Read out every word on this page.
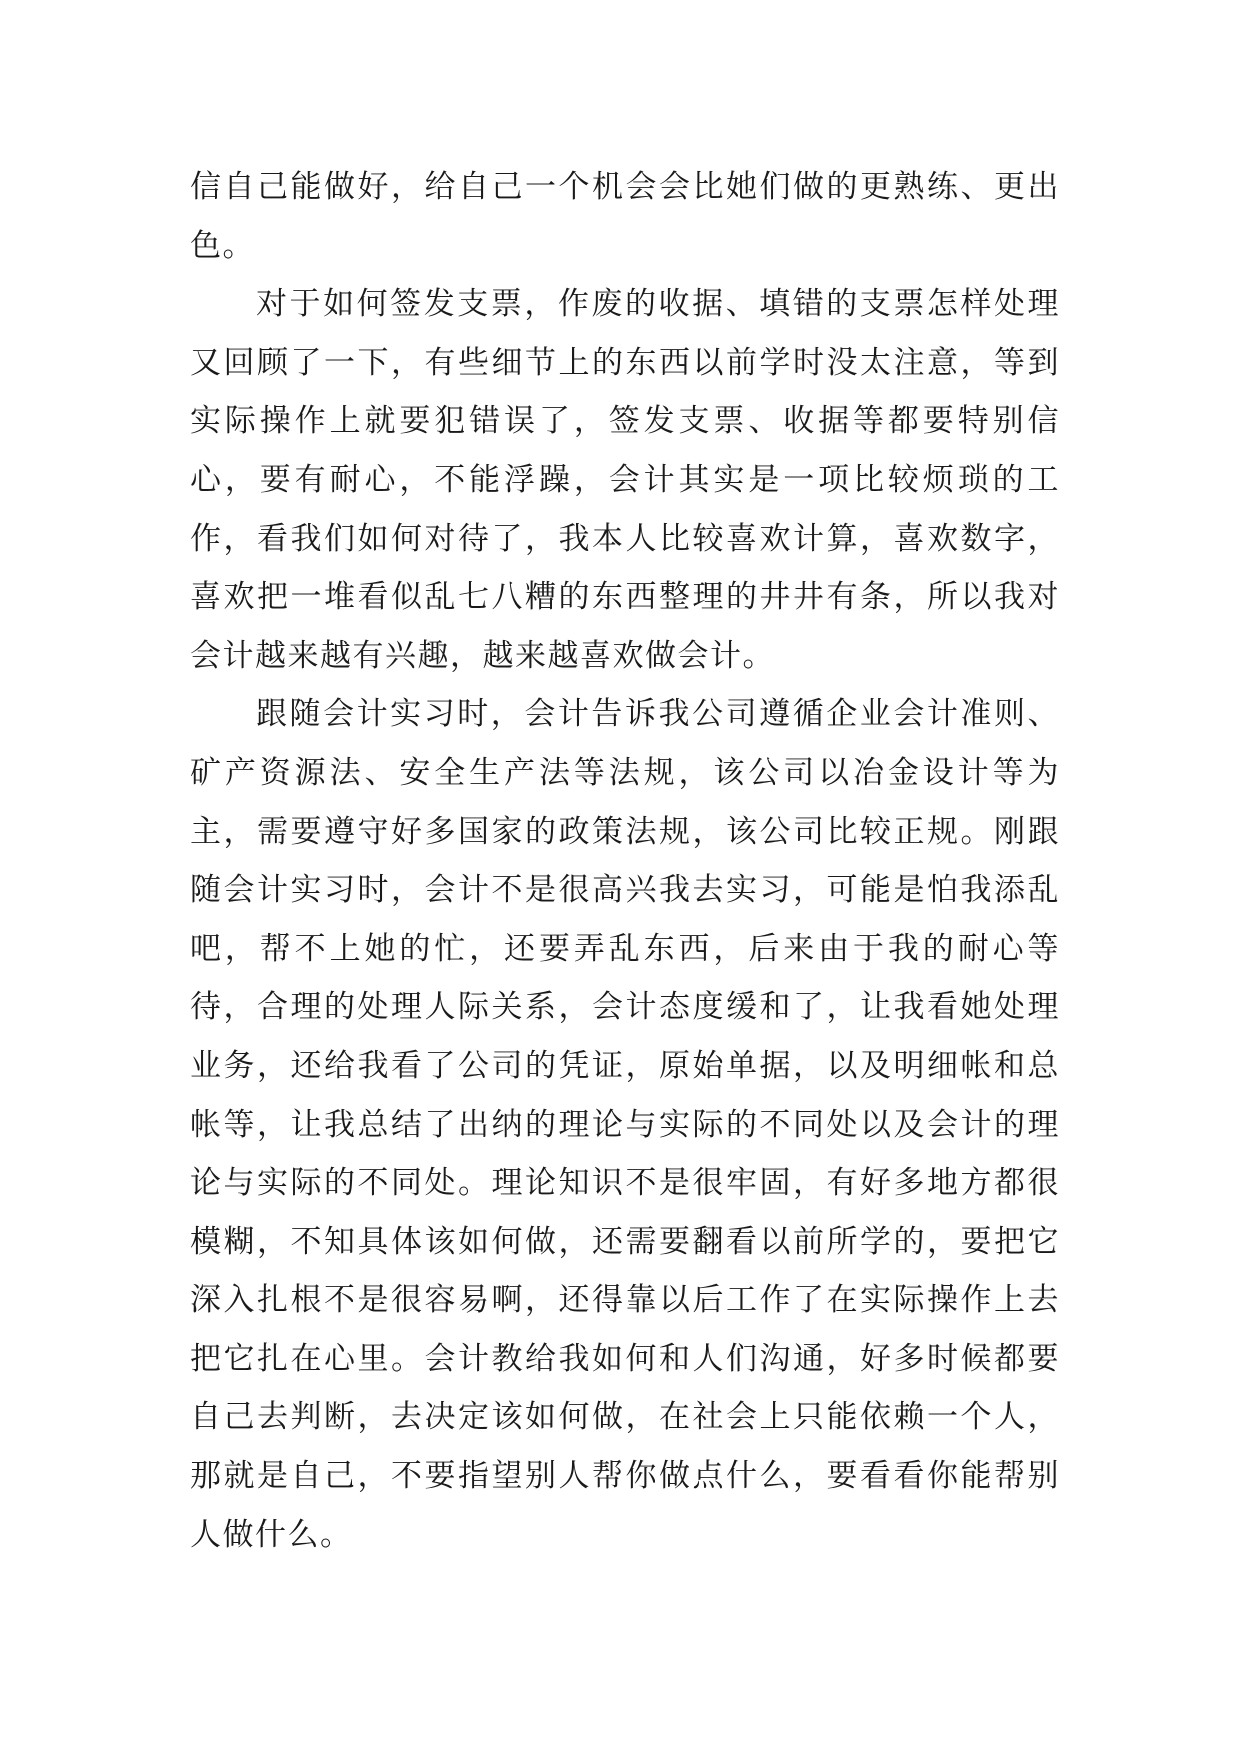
信自己能做好，给自己一个机会会比她们做的更熟练、更出色。

对于如何签发支票，作废的收据、填错的支票怎样处理又回顾了一下，有些细节上的东西以前学时没太注意，等到实际操作上就要犯错误了，签发支票、收据等都要特别信心，要有耐心，不能浮躁，会计其实是一项比较烦琐的工作，看我们如何对待了，我本人比较喜欢计算，喜欢数字，喜欢把一堆看似乱七八糟的东西整理的井井有条，所以我对会计越来越有兴趣，越来越喜欢做会计。

跟随会计实习时，会计告诉我公司遵循企业会计准则、矿产资源法、安全生产法等法规，该公司以冶金设计等为主，需要遵守好多国家的政策法规，该公司比较正规。刚跟随会计实习时，会计不是很高兴我去实习，可能是怕我添乱吧，帮不上她的忙，还要弄乱东西，后来由于我的耐心等待，合理的处理人际关系，会计态度缓和了，让我看她处理业务，还给我看了公司的凭证，原始单据，以及明细帐和总帐等，让我总结了出纳的理论与实际的不同处以及会计的理论与实际的不同处。理论知识不是很牢固，有好多地方都很模糊，不知具体该如何做，还需要翻看以前所学的，要把它深入扎根不是很容易啊，还得靠以后工作了在实际操作上去把它扎在心里。会计教给我如何和人们沟通，好多时候都要自己去判断，去决定该如何做，在社会上只能依赖一个人，那就是自己，不要指望别人帮你做点什么，要看看你能帮别人做什么。
